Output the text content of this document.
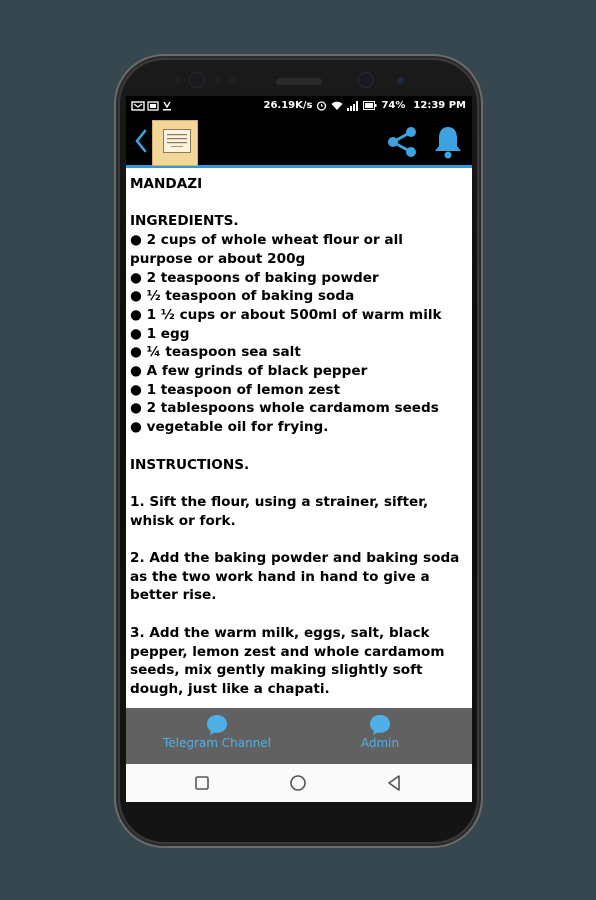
26.19K/s	74% 12:39 PM

MANDAZI

INGREDIENTS.

● 2 cups of whole wheat flour or all purpose or about 200g

● 2 teaspoons of baking powder

● ½ teaspoon of baking soda

● 1 ½ cups or about 500ml of warm milk

● 1 egg

● ¼ teaspoon sea salt

● A few grinds of black pepper

● 1 teaspoon of lemon zest

● 2 tablespoons whole cardamom seeds

● vegetable oil for frying.

INSTRUCTIONS.

1. Sift the flour, using a strainer, sifter, whisk or fork.

2. Add the baking powder and baking soda as the two work hand in hand to give a better rise.

3. Add the warm milk, eggs, salt, black pepper, lemon zest and whole cardamom seeds, mix gently making slightly soft dough, just like a chapati.

Telegram Channel	Admin
